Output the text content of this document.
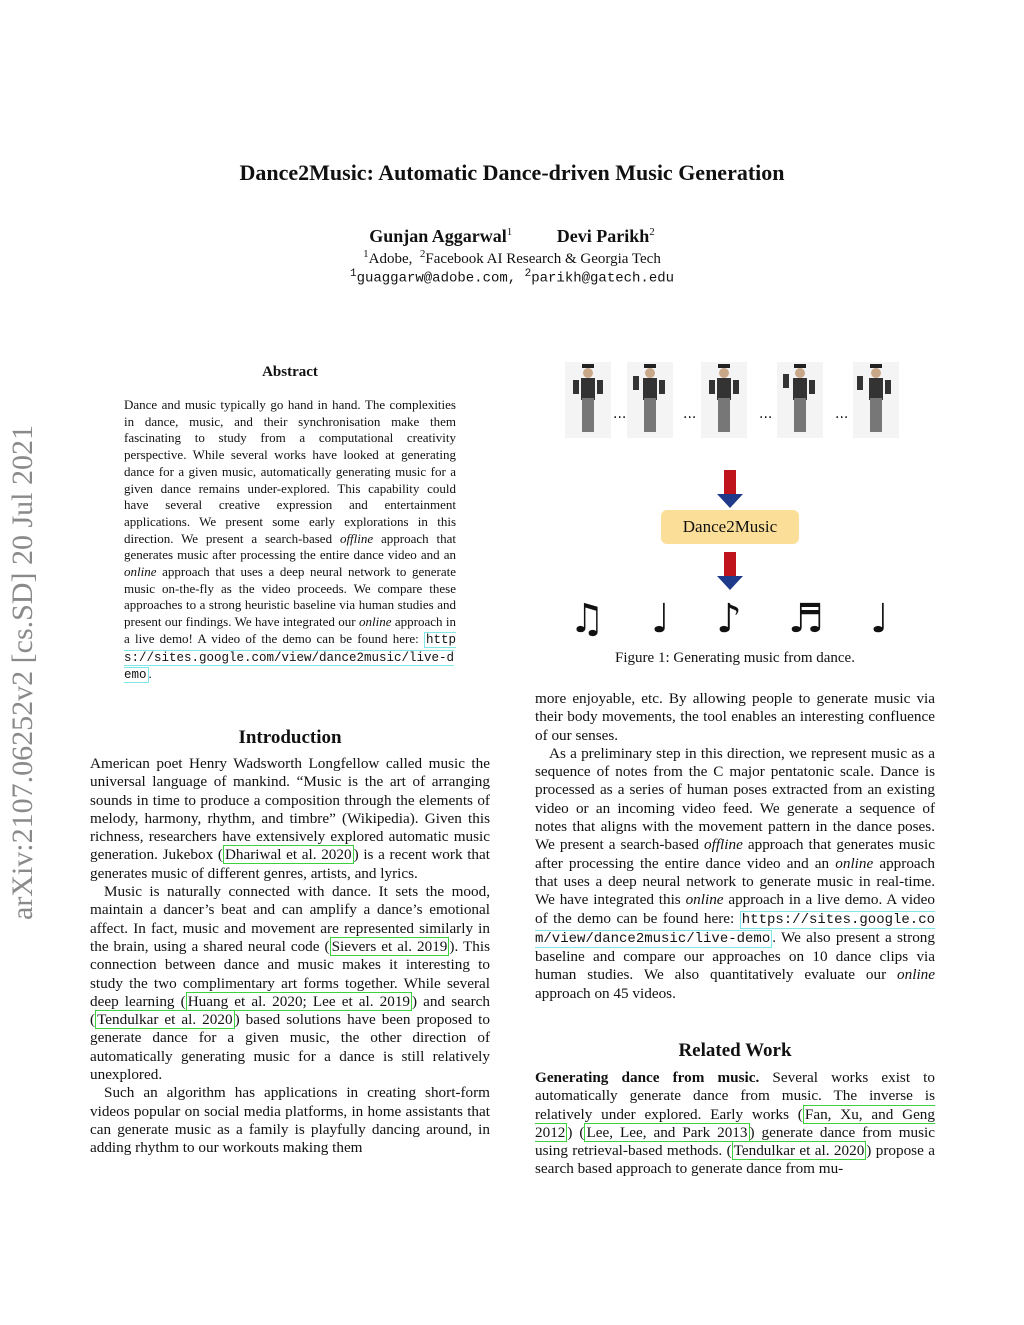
Dance2Music: Automatic Dance-driven Music Generation
Gunjan Aggarwal$^1$ Devi Parikh$^2$
$^1$Adobe, $^2$Facebook AI Research & Georgia Tech
$^1$guaggarw@adobe.com, $^2$parikh@gatech.edu
arXiv:2107.06252v2 [cs.SD] 20 Jul 2021
Abstract
Dance and music typically go hand in hand. The complexities in dance, music, and their synchronisation make them fascinating to study from a computational creativity perspective. While several works have looked at generating dance for a given music, automatically generating music for a given dance remains under-explored. This capability could have several creative expression and entertainment applications. We present some early explorations in this direction. We present a search-based offline approach that generates music after processing the entire dance video and an online approach that uses a deep neural network to generate music on-the-fly as the video proceeds. We compare these approaches to a strong heuristic baseline via human studies and present our findings. We have integrated our online approach in a live demo! A video of the demo can be found here: https://sites.google.com/view/dance2music/live-demo .
Introduction

American poet Henry Wadsworth Longfellow called music the universal language of mankind. “Music is the art of arranging sounds in time to produce a composition through the elements of melody, harmony, rhythm, and timbre” (Wikipedia). Given this richness, researchers have extensively explored automatic music generation. Jukebox ( Dhariwal et al. 2020 ) is a recent work that generates music of different genres, artists, and lyrics.

Music is naturally connected with dance. It sets the mood, maintain a dancer’s beat and can amplify a dance’s emotional affect. In fact, music and movement are represented similarly in the brain, using a shared neural code ( Sievers et al. 2019 ). This connection between dance and music makes it interesting to study the two complimentary art forms together. While several deep learning ( Huang et al. 2020; Lee et al. 2019 ) and search ( Tendulkar et al. 2020 ) based solutions have been proposed to generate dance for a given music, the other direction of automatically generating music for a dance is still relatively unexplored.

Such an algorithm has applications in creating short-form videos popular on social media platforms, in home assistants that can generate music as a family is playfully dancing around, in adding rhythm to our workouts making them

...	...	...	...
Dance2Music
♫ ♩ ♪ ♬ ♩
Figure 1: Generating music from dance.

more enjoyable, etc. By allowing people to generate music via their body movements, the tool enables an interesting confluence of our senses.

As a preliminary step in this direction, we represent music as a sequence of notes from the C major pentatonic scale. Dance is processed as a series of human poses extracted from an existing video or an incoming video feed. We generate a sequence of notes that aligns with the movement pattern in the dance poses. We present a search-based offline approach that generates music after processing the entire dance video and an online approach that uses a deep neural network to generate music in real-time. We have integrated this online approach in a live demo. A video of the demo can be found here: https://sites.google.com/view/dance2music/live-demo . We also present a strong baseline and compare our approaches on 10 dance clips via human studies. We also quantitatively evaluate our online approach on 45 videos.

Related Work

Generating dance from music. Several works exist to automatically generate dance from music. The inverse is relatively under explored. Early works ( Fan, Xu, and Geng 2012 ) ( Lee, Lee, and Park 2013 ) generate dance from music using retrieval-based methods. ( Tendulkar et al. 2020 ) propose a search based approach to generate dance from mu-
